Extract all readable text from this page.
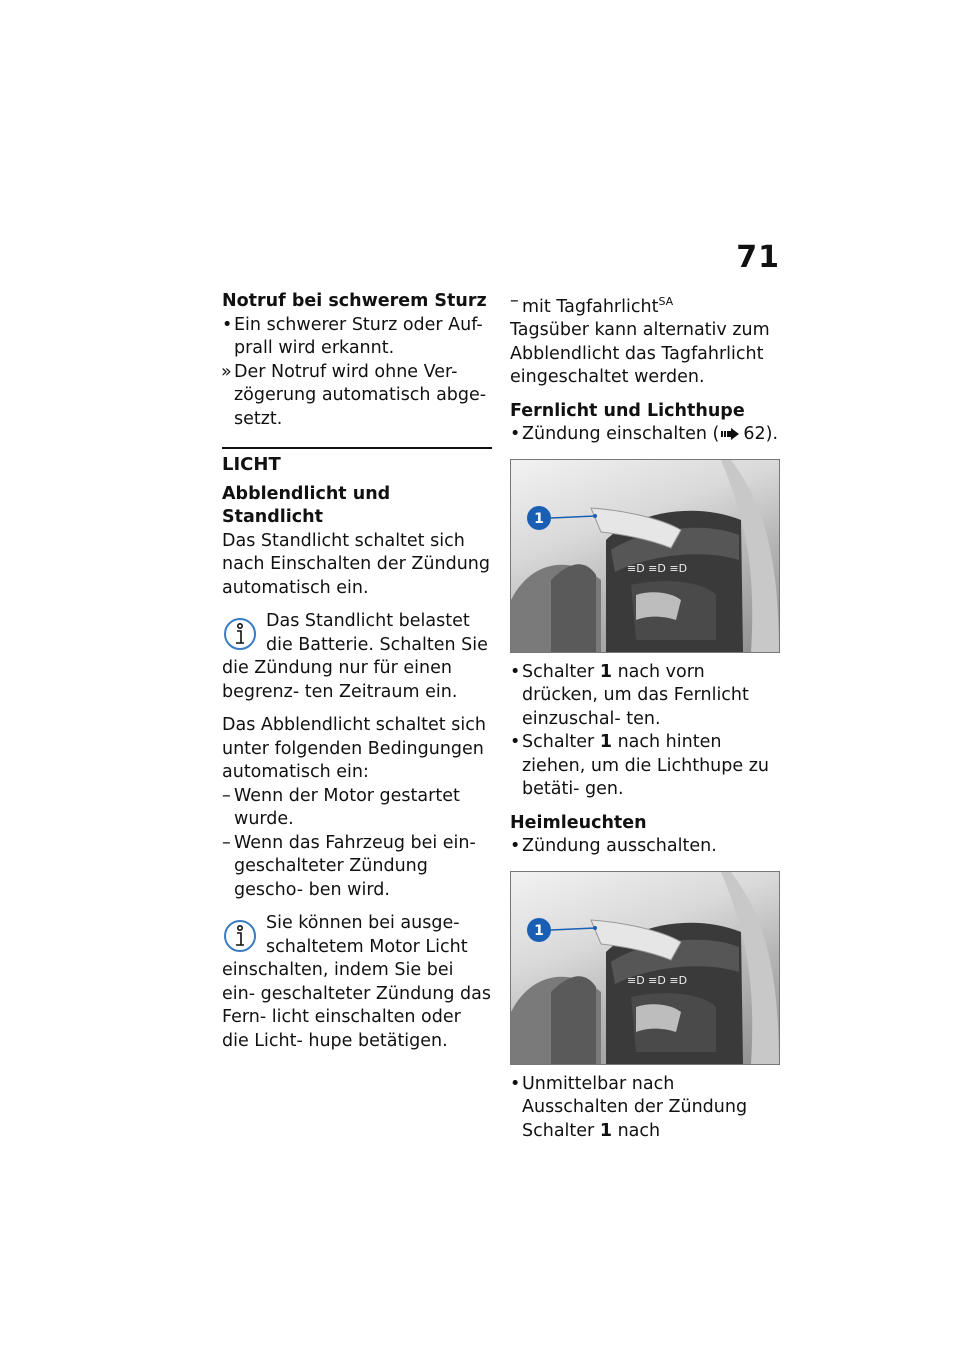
71

Notruf bei schwerem Sturz

• Ein schwerer Sturz oder Auf- prall wird erkannt.

» Der Notruf wird ohne Ver- zögerung automatisch abge- setzt.

LICHT

Abblendlicht und Standlicht

Das Standlicht schaltet sich nach Einschalten der Zündung automatisch ein.

Das Standlicht belastet die Batterie. Schalten Sie die Zündung nur für einen begrenz- ten Zeitraum ein.

Das Abblendlicht schaltet sich unter folgenden Bedingungen automatisch ein:

– Wenn der Motor gestartet wurde.

– Wenn das Fahrzeug bei ein- geschalteter Zündung gescho- ben wird.

Sie können bei ausge- schaltetem Motor Licht einschalten, indem Sie bei ein- geschalteter Zündung das Fern- licht einschalten oder die Licht- hupe betätigen.

– mit Tagfahrlicht$^{SA}$

Tagsüber kann alternativ zum Abblendlicht das Tagfahrlicht eingeschaltet werden.

Fernlicht und Lichthupe

• Zündung einschalten ( 62).

≡D ≡D ≡D
1

• Schalter 1 nach vorn drücken, um das Fernlicht einzuschal- ten.

• Schalter 1 nach hinten ziehen, um die Lichthupe zu betäti- gen.

Heimleuchten

• Zündung ausschalten.

≡D ≡D ≡D
1

• Unmittelbar nach Ausschalten der Zündung Schalter 1 nach
